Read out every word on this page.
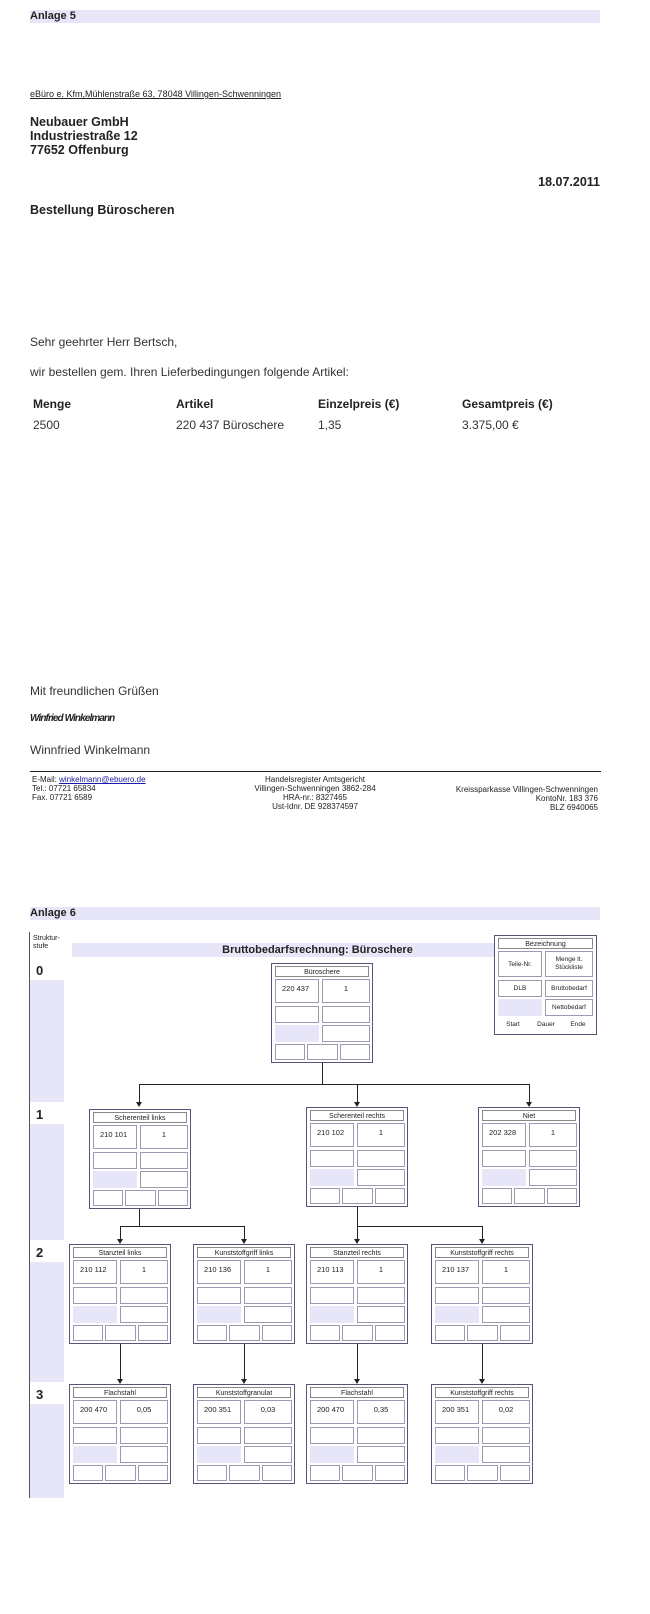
Anlage 5
eBüro e. Kfm,Mühlenstraße 63, 78048 Villingen-Schwenningen
Neubauer GmbH
Industriestraße 12
77652 Offenburg
18.07.2011
Bestellung Büroscheren
Sehr geehrter Herr Bertsch,
wir bestellen gem. Ihren Lieferbedingungen folgende Artikel:
Menge	Artikel	Einzelpreis (€)	Gesamtpreis (€)
2500	220 437 Büroschere	1,35	3.375,00 €
Mit freundlichen Grüßen
Winfried Winkelmann
Winnfried Winkelmann
E-Mail: winkelmann@ebuero.de
Tel.: 07721 65834
Fax. 07721 6589
Handelsregister Amtsgericht
Villingen-Schwenningen 3862-284
HRA-nr.: 8327465
Ust-Idnr. DE 928374597
Kreissparkasse Villingen-Schwenningen
KontoNr. 183 376
BLZ 6940065
Anlage 6
Struktur-stufe	Bruttobedarfsrechnung: Büroschere
0
1
2
3
Bezeichnung
Teile-Nr.
Menge lt. Stückliste
DLB	Bruttobedarf
Nettobedarf
Start	Dauer	Ende
Büroschere
220 437	1
Scherenteil links
210 101	1
Scherenteil rechts
210 102	1
Niet
202 328	1
Stanzteil links
210 112	1
Kunststoffgriff links
210 136	1
Stanzteil rechts
210 113	1
Kunststoffgriff rechts
210 137	1
Flachstahl
200 470	0,05
Kunststoffgranulat
200 351	0,03
Flachstahl
200 470	0,35
Kunststoffgriff rechts
200 351	0,02
